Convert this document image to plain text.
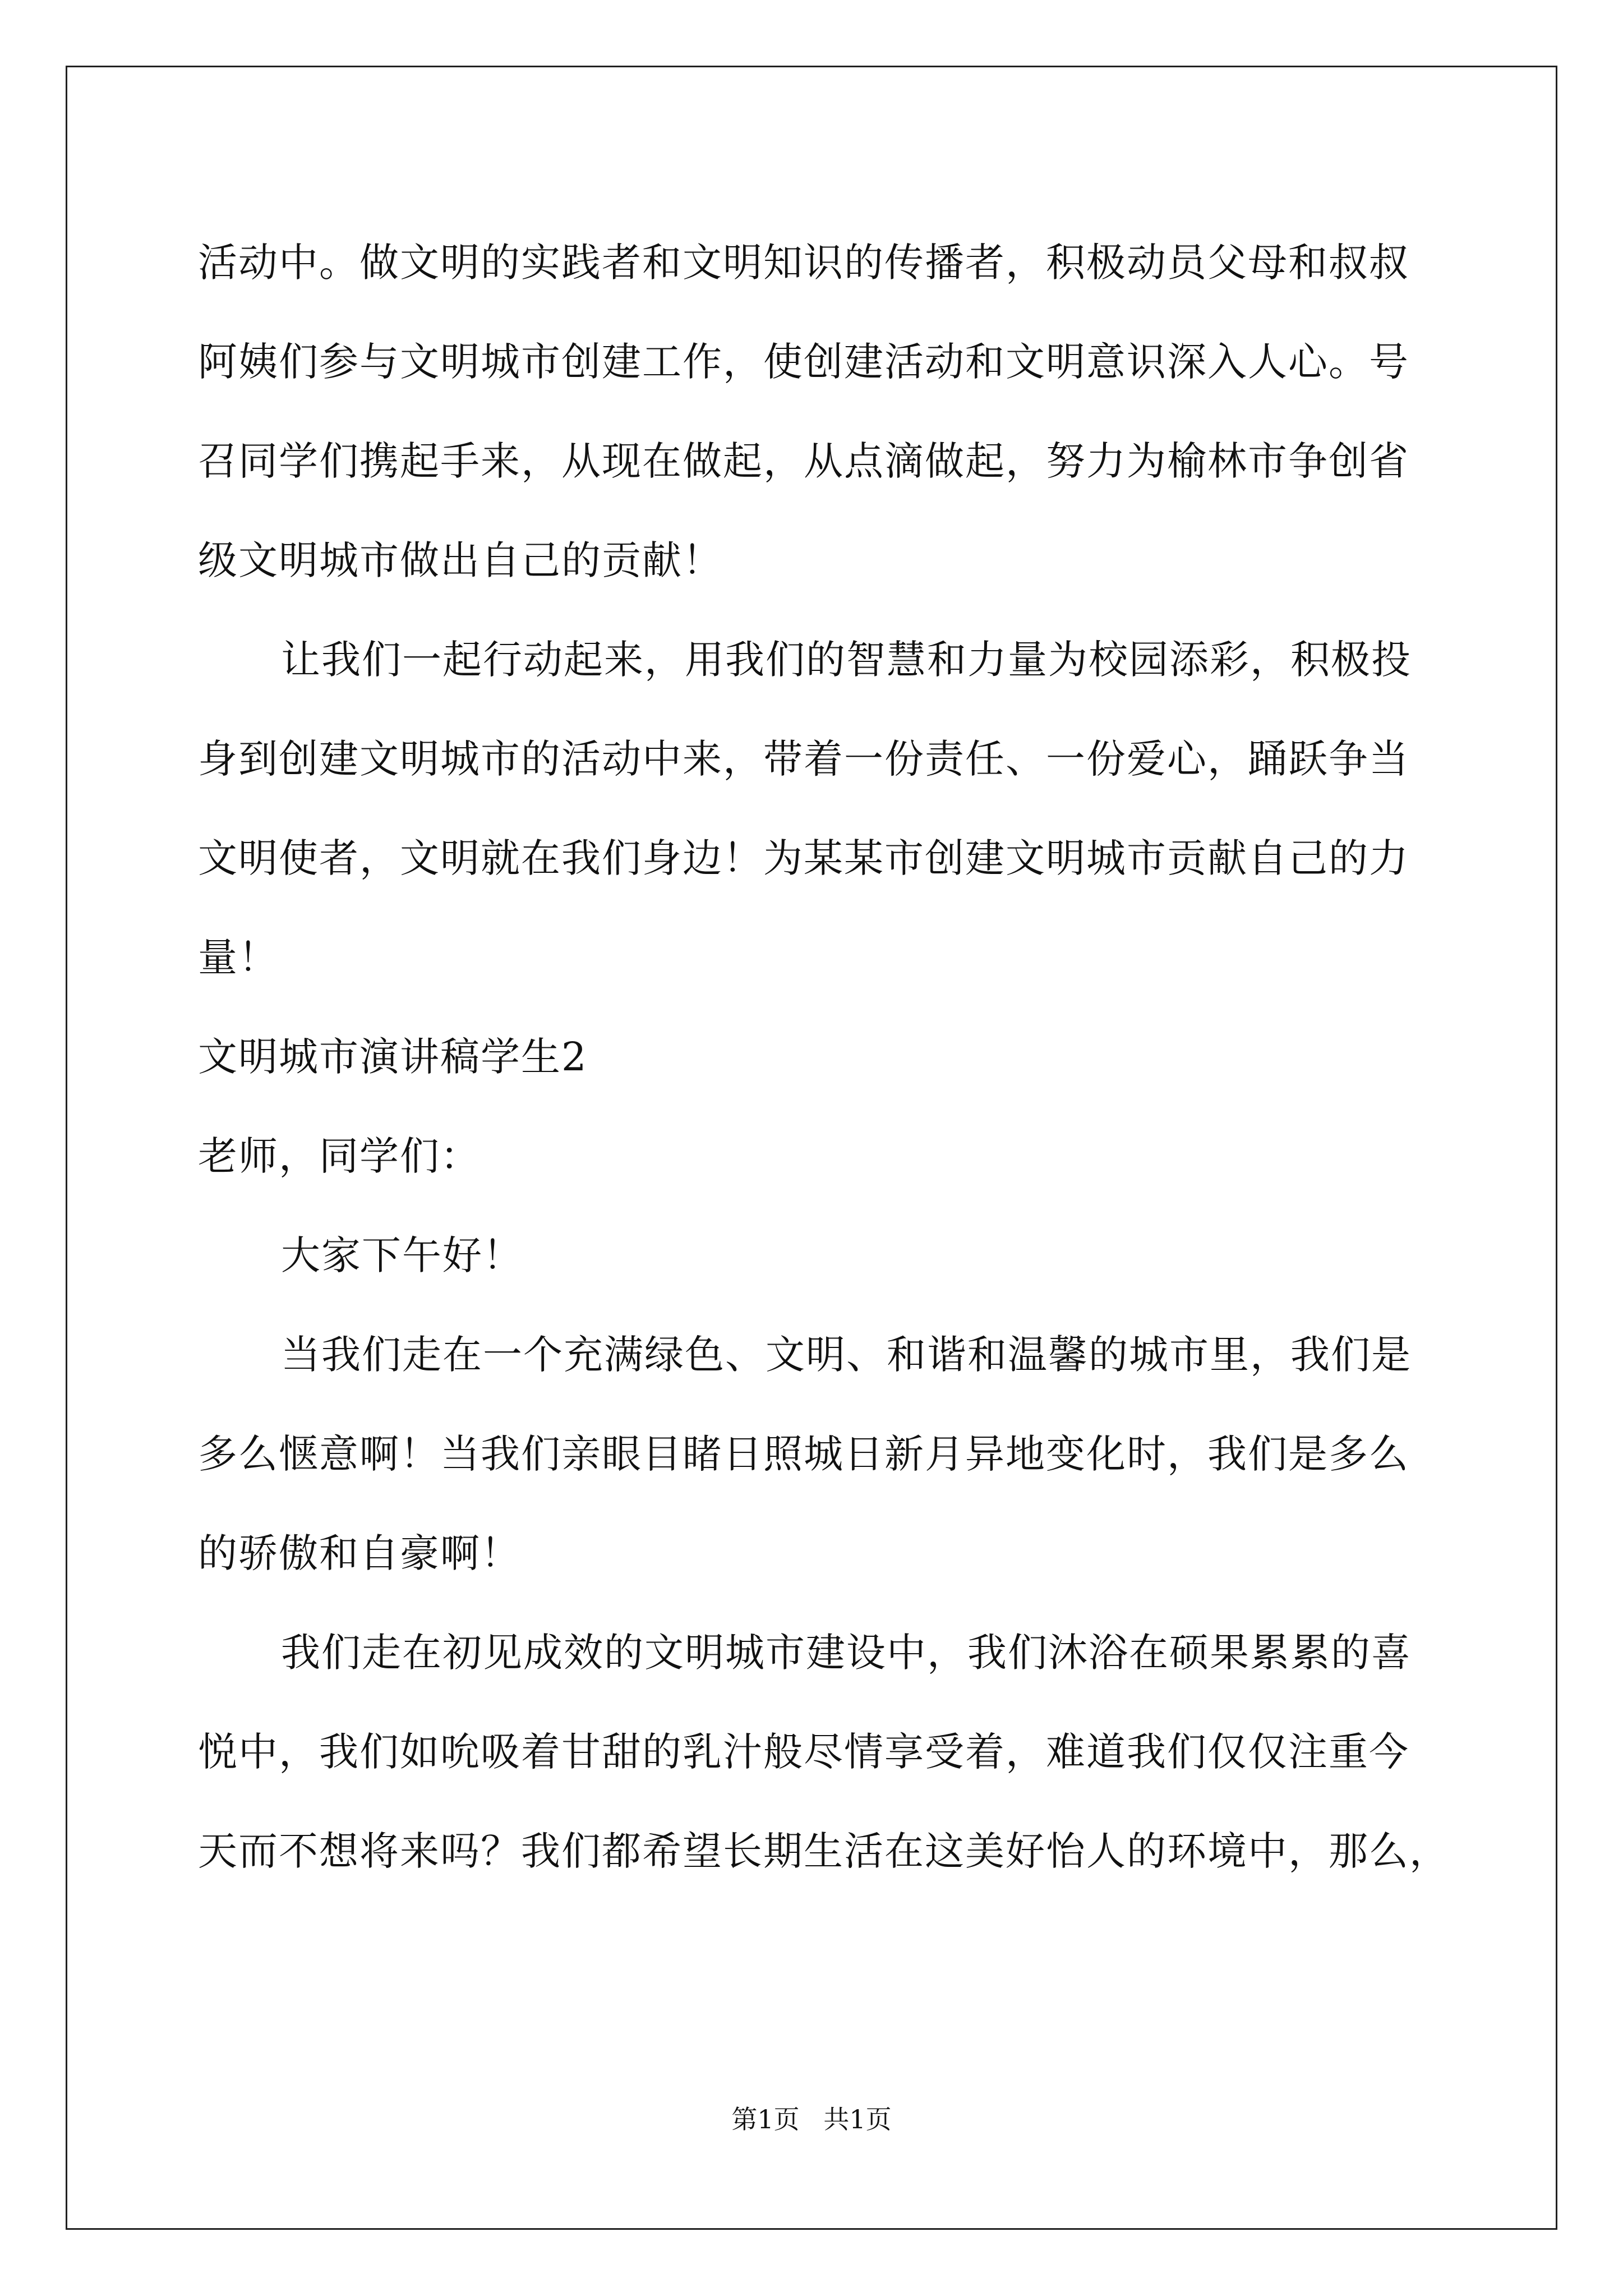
活动中。做文明的实践者和文明知识的传播者，积极动员父母和叔叔
阿姨们参与文明城市创建工作，使创建活动和文明意识深入人心。号
召同学们携起手来，从现在做起，从点滴做起，努力为榆林市争创省
级文明城市做出自己的贡献！
让我们一起行动起来，用我们的智慧和力量为校园添彩，积极投
身到创建文明城市的活动中来，带着一份责任、一份爱心，踊跃争当
文明使者，文明就在我们身边！为某某市创建文明城市贡献自己的力
量！
文明城市演讲稿学生2
老师，同学们：
大家下午好！
当我们走在一个充满绿色、文明、和谐和温馨的城市里，我们是
多么惬意啊！当我们亲眼目睹日照城日新月异地变化时，我们是多么
的骄傲和自豪啊！
我们走在初见成效的文明城市建设中，我们沐浴在硕果累累的喜
悦中，我们如吮吸着甘甜的乳汁般尽情享受着，难道我们仅仅注重今
天而不想将来吗？我们都希望长期生活在这美好怡人的环境中，那么，
第1页 共1页
